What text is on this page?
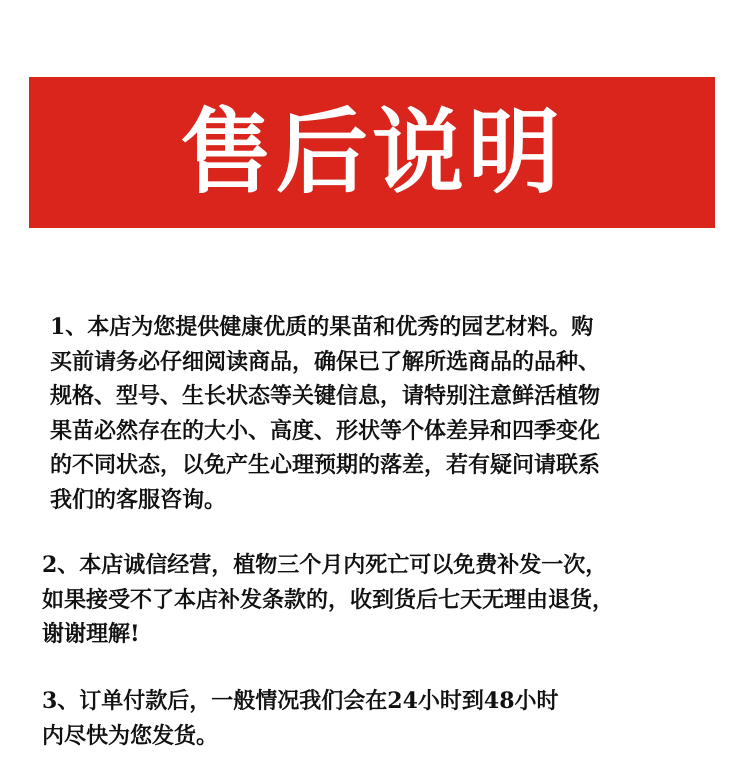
售后说明
1、本店为您提供健康优质的果苗和优秀的园艺材料。购
买前请务必仔细阅读商品，确保已了解所选商品的品种、
规格、型号、生长状态等关键信息，请特别注意鲜活植物
果苗必然存在的大小、高度、形状等个体差异和四季变化
的不同状态，以免产生心理预期的落差，若有疑问请联系
我们的客服咨询。
2、本店诚信经营，植物三个月内死亡可以免费补发一次，
如果接受不了本店补发条款的，收到货后七天无理由退货，
谢谢理解!
3、订单付款后，一般情况我们会在24小时到48小时
内尽快为您发货。
